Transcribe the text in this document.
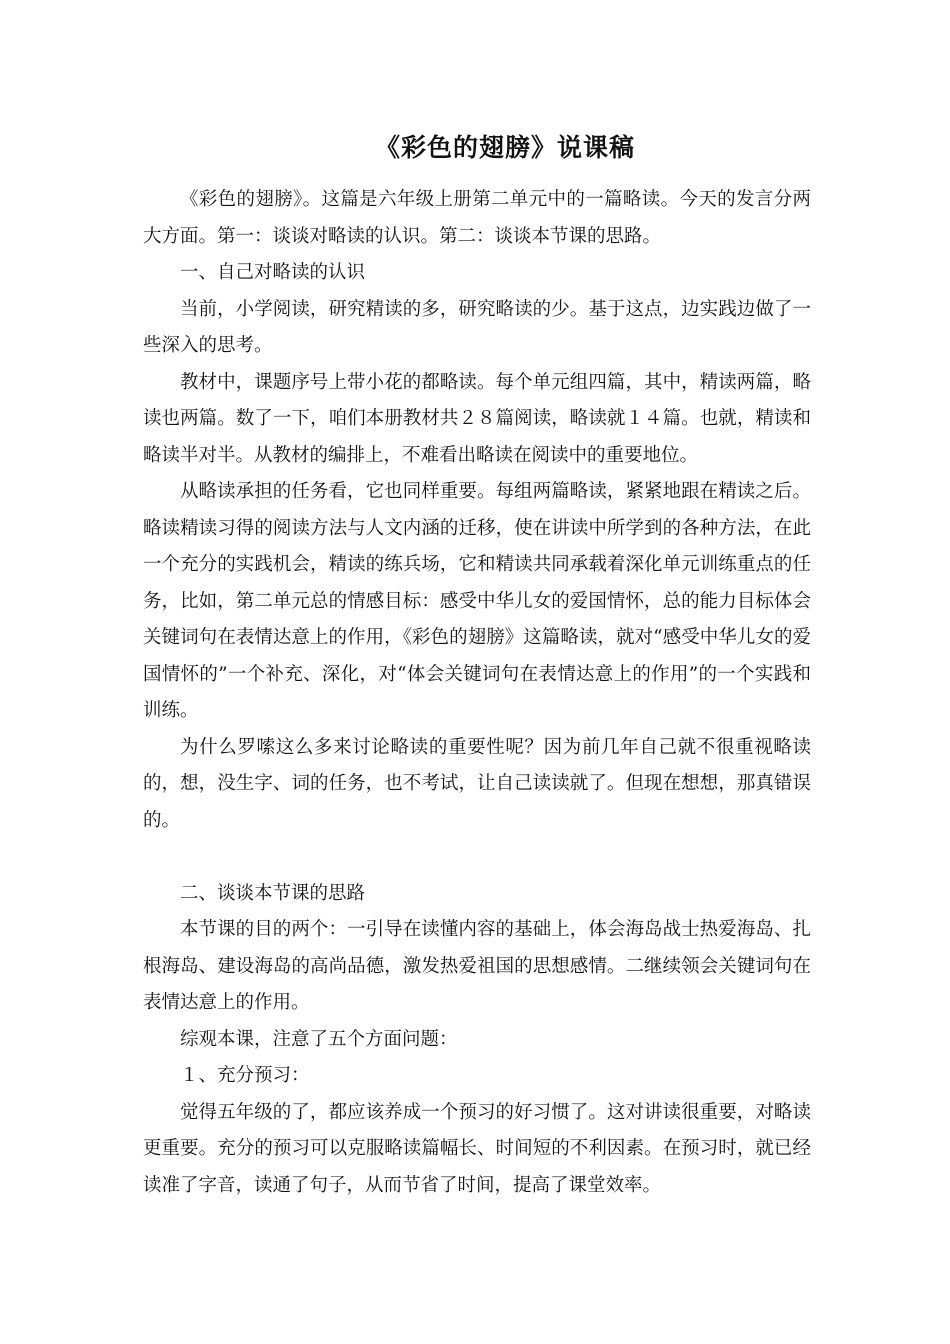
《彩色的翅膀》说课稿

《彩色的翅膀》。这篇是六年级上册第二单元中的一篇略读。今天的发言分两大方面。第一：谈谈对略读的认识。第二：谈谈本节课的思路。

一、自己对略读的认识

当前，小学阅读，研究精读的多，研究略读的少。基于这点，边实践边做了一些深入的思考。

教材中，课题序号上带小花的都略读。每个单元组四篇，其中，精读两篇，略读也两篇。数了一下，咱们本册教材共２８篇阅读，略读就１４篇。也就，精读和略读半对半。从教材的编排上，不难看出略读在阅读中的重要地位。

从略读承担的任务看，它也同样重要。每组两篇略读，紧紧地跟在精读之后。略读精读习得的阅读方法与人文内涵的迁移，使在讲读中所学到的各种方法，在此一个充分的实践机会，精读的练兵场，它和精读共同承载着深化单元训练重点的任务，比如，第二单元总的情感目标：感受中华儿女的爱国情怀，总的能力目标体会关键词句在表情达意上的作用，《彩色的翅膀》这篇略读，就对“感受中华儿女的爱国情怀的”一个补充、深化，对“体会关键词句在表情达意上的作用”的一个实践和训练。

为什么罗嗦这么多来讨论略读的重要性呢？因为前几年自己就不很重视略读的，想，没生字、词的任务，也不考试，让自己读读就了。但现在想想，那真错误的。

二、谈谈本节课的思路

本节课的目的两个：一引导在读懂内容的基础上，体会海岛战士热爱海岛、扎根海岛、建设海岛的高尚品德，激发热爱祖国的思想感情。二继续领会关键词句在表情达意上的作用。

综观本课，注意了五个方面问题：

１、充分预习：

觉得五年级的了，都应该养成一个预习的好习惯了。这对讲读很重要，对略读更重要。充分的预习可以克服略读篇幅长、时间短的不利因素。在预习时，就已经读准了字音，读通了句子，从而节省了时间，提高了课堂效率。
